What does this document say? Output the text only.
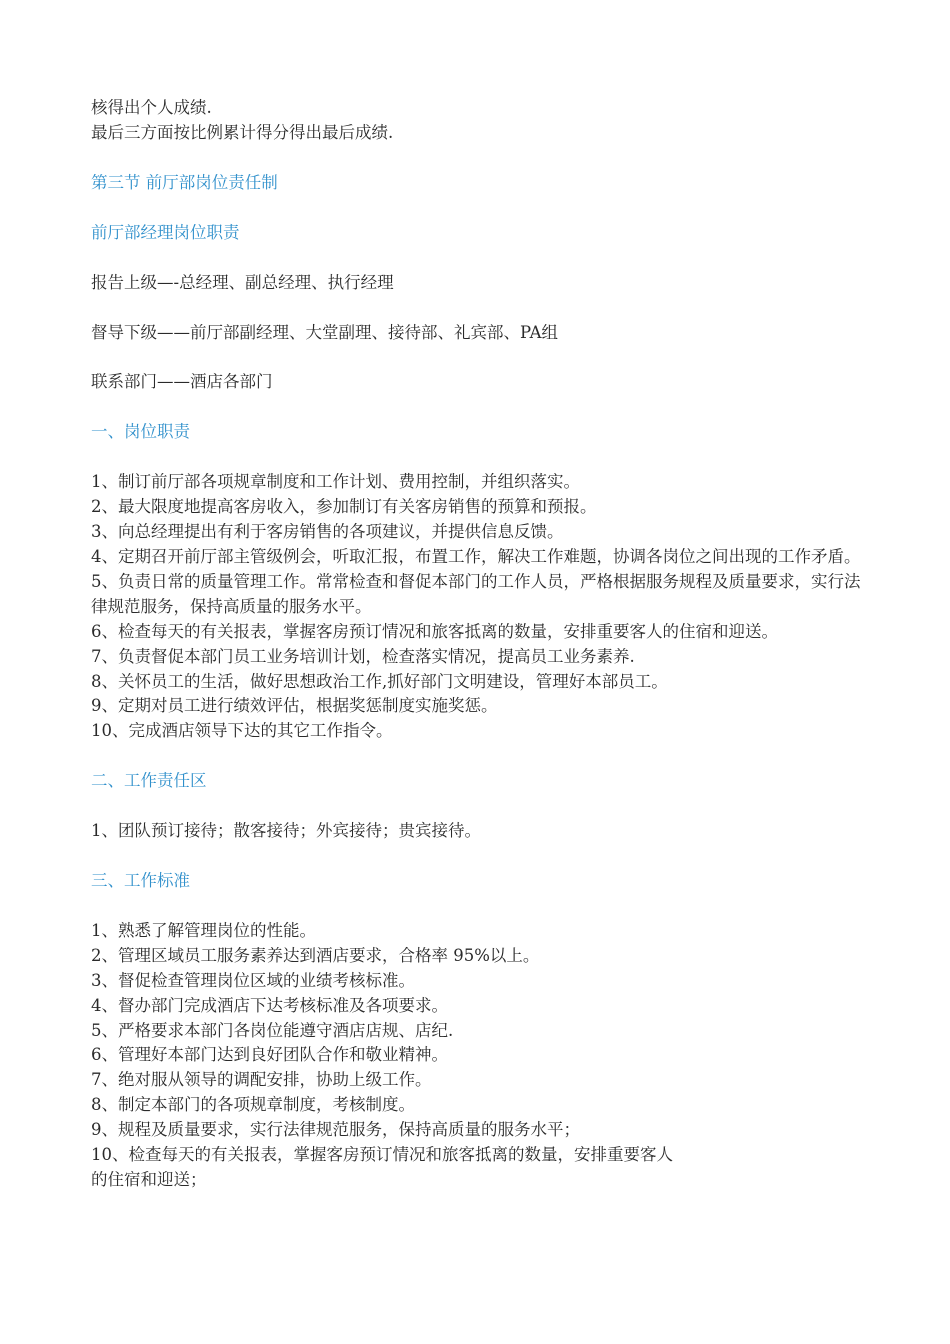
核得出个人成绩.

最后三方面按比例累计得分得出最后成绩.

第三节 前厅部岗位责任制

前厅部经理岗位职责

报告上级—-总经理、副总经理、执行经理

督导下级——前厅部副经理、大堂副理、接待部、礼宾部、PA组

联系部门——酒店各部门

一、岗位职责

1、制订前厅部各项规章制度和工作计划、费用控制，并组织落实。

2、最大限度地提高客房收入，参加制订有关客房销售的预算和预报。

3、向总经理提出有利于客房销售的各项建议，并提供信息反馈。

4、定期召开前厅部主管级例会，听取汇报，布置工作，解决工作难题，协调各岗位之间出现的工作矛盾。

5、负责日常的质量管理工作。常常检查和督促本部门的工作人员，严格根据服务规程及质量要求，实行法律规范服务，保持高质量的服务水平。

6、检查每天的有关报表，掌握客房预订情况和旅客抵离的数量，安排重要客人的住宿和迎送。

7、负责督促本部门员工业务培训计划，检查落实情况，提高员工业务素养.

8、关怀员工的生活，做好思想政治工作,抓好部门文明建设，管理好本部员工。

9、定期对员工进行绩效评估，根据奖惩制度实施奖惩。

10、完成酒店领导下达的其它工作指令。

二、工作责任区

1、团队预订接待；散客接待；外宾接待；贵宾接待。

三、工作标准

1、熟悉了解管理岗位的性能。

2、管理区域员工服务素养达到酒店要求，合格率 95%以上。

3、督促检查管理岗位区域的业绩考核标准。

4、督办部门完成酒店下达考核标准及各项要求。

5、严格要求本部门各岗位能遵守酒店店规、店纪.

6、管理好本部门达到良好团队合作和敬业精神。

7、绝对服从领导的调配安排，协助上级工作。

8、制定本部门的各项规章制度，考核制度。

9、规程及质量要求，实行法律规范服务，保持高质量的服务水平；

10、检查每天的有关报表，掌握客房预订情况和旅客抵离的数量，安排重要客人

的住宿和迎送；
